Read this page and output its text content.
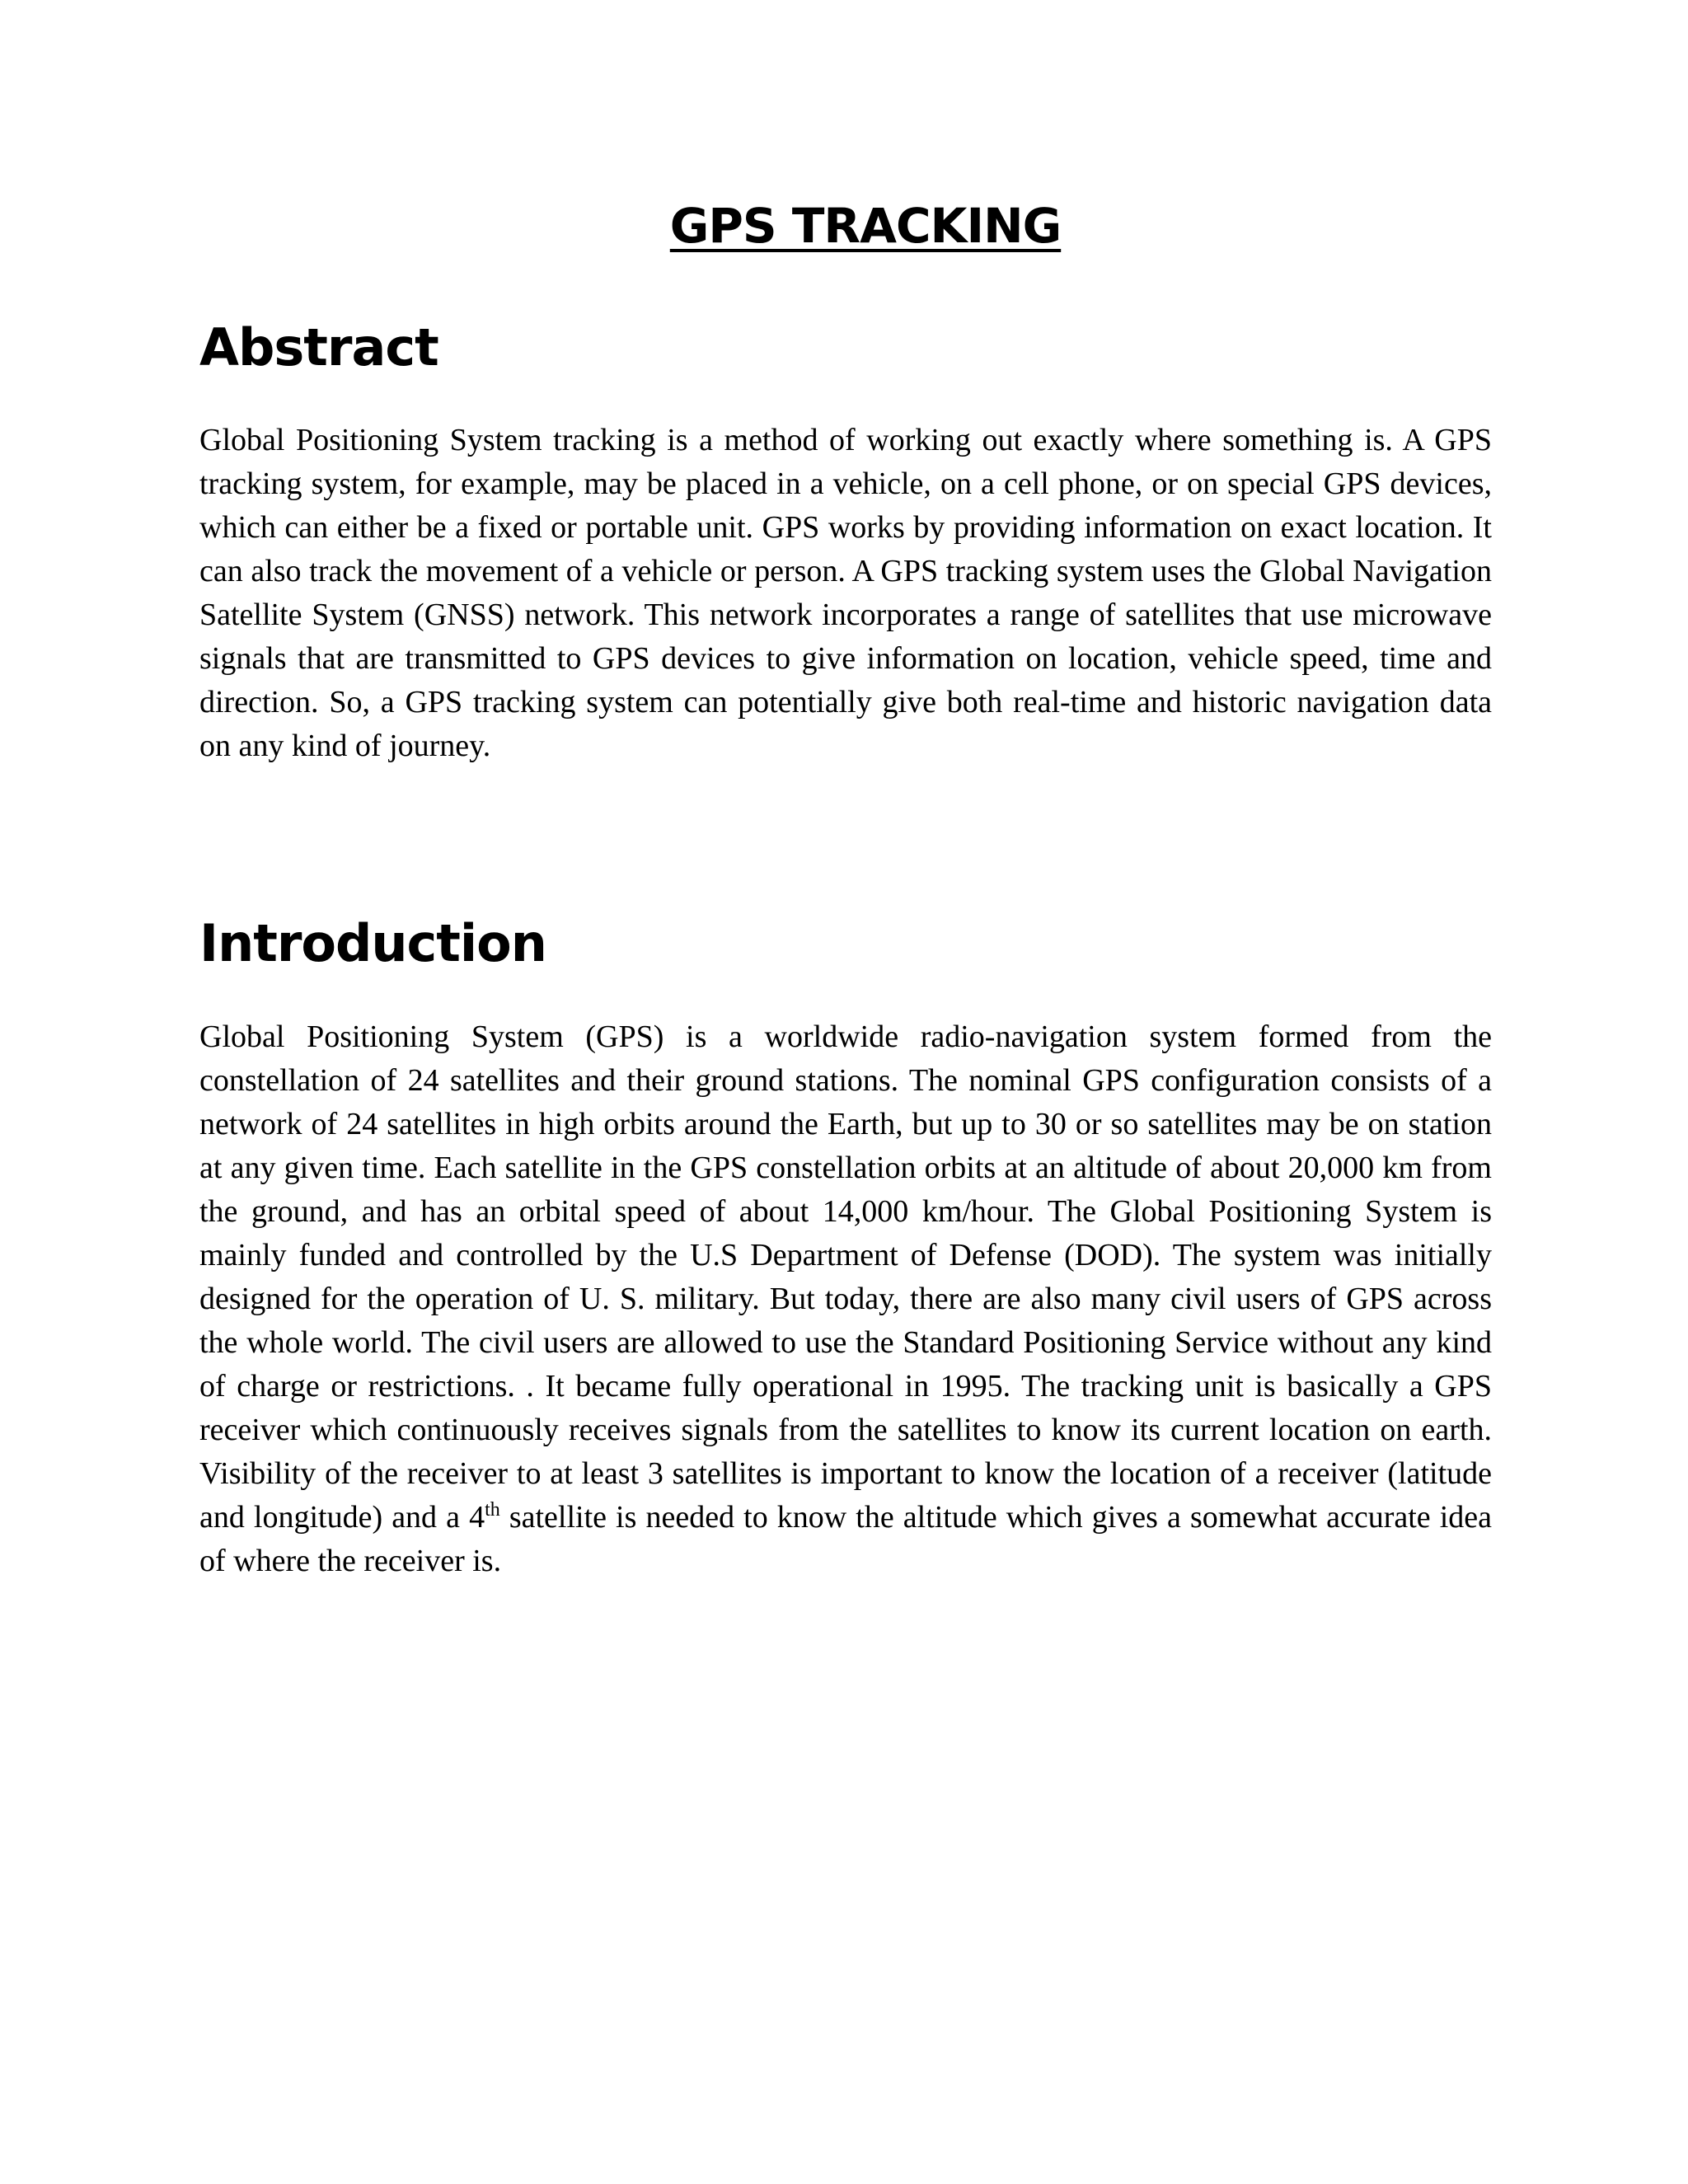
GPS TRACKING
Abstract

Global Positioning System tracking is a method of working out exactly where something is. A GPS tracking system, for example, may be placed in a vehicle, on a cell phone, or on special GPS devices, which can either be a fixed or portable unit. GPS works by providing information on exact location. It can also track the movement of a vehicle or person. A GPS tracking system uses the Global Navigation Satellite System (GNSS) network. This network incorporates a range of satellites that use microwave signals that are transmitted to GPS devices to give information on location, vehicle speed, time and direction. So, a GPS tracking system can potentially give both real-time and historic navigation data on any kind of journey.

Introduction

Global Positioning System (GPS) is a worldwide radio-navigation system formed from the constellation of 24 satellites and their ground stations. The nominal GPS configuration consists of a network of 24 satellites in high orbits around the Earth, but up to 30 or so satellites may be on station at any given time. Each satellite in the GPS constellation orbits at an altitude of about 20,000 km from the ground, and has an orbital speed of about 14,000 km/hour. The Global Positioning System is mainly funded and controlled by the U.S Department of Defense (DOD). The system was initially designed for the operation of U. S. military. But today, there are also many civil users of GPS across the whole world. The civil users are allowed to use the Standard Positioning Service without any kind of charge or restrictions. . It became fully operational in 1995. The tracking unit is basically a GPS receiver which continuously receives signals from the satellites to know its current location on earth. Visibility of the receiver to at least 3 satellites is important to know the location of a receiver (latitude and longitude) and a 4th satellite is needed to know the altitude which gives a somewhat accurate idea of where the receiver is.
